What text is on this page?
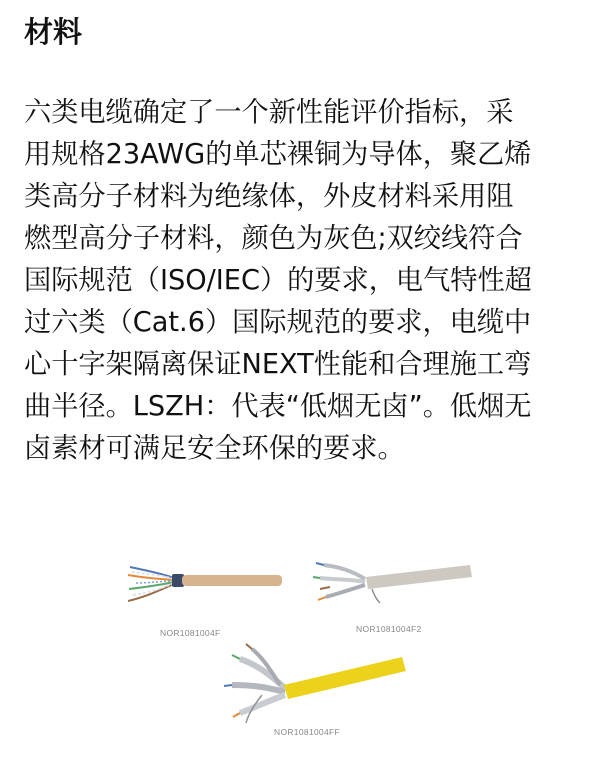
材料
六类电缆确定了一个新性能评价指标，采
用规格23AWG的单芯裸铜为导体，聚乙烯
类高分子材料为绝缘体，外皮材料采用阻
燃型高分子材料，颜色为灰色;双绞线符合
国际规范（ISO/IEC）的要求，电气特性超
过六类（Cat.6）国际规范的要求，电缆中
心十字架隔离保证NEXT性能和合理施工弯
曲半径。LSZH：代表“低烟无卤”。低烟无
卤素材可满足安全环保的要求。
NOR1081004F	NOR1081004F2
NOR1081004FF
